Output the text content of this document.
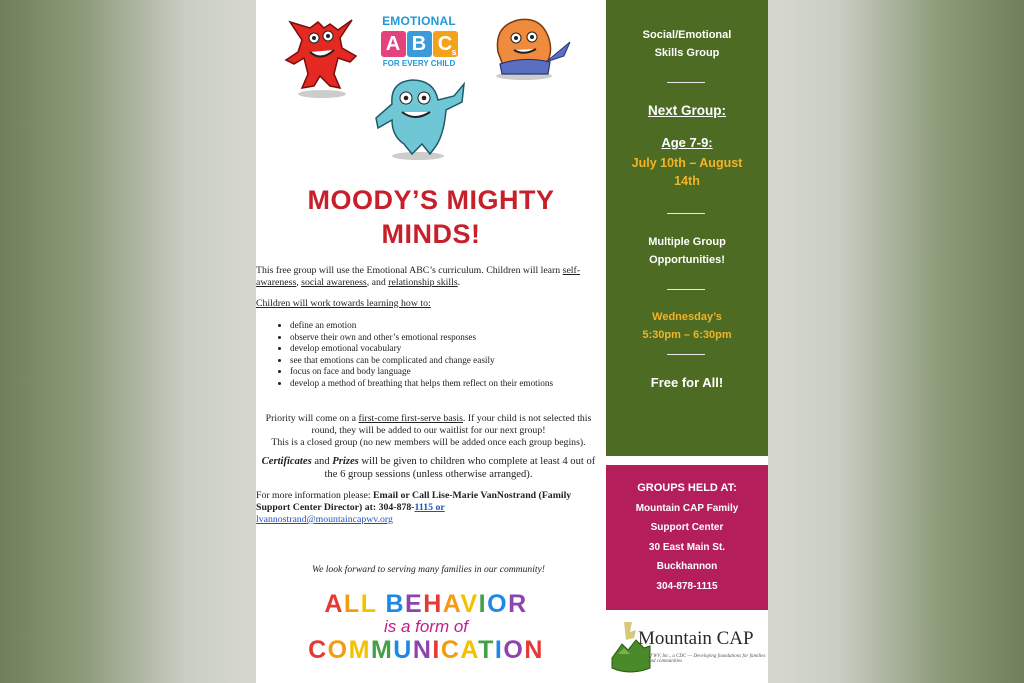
EMOTIONAL
A B C s
FOR EVERY CHILD
MOODY’S MIGHTY
MINDS!

This free group will use the Emotional ABC’s curriculum. Children will learn self-awareness, social awareness, and relationship skills.

Children will work towards learning how to:

• define an emotion
• observe their own and other’s emotional responses
• develop emotional vocabulary
• see that emotions can be complicated and change easily
• focus on face and body language
• develop a method of breathing that helps them reflect on their emotions

Priority will come on a first-come first-serve basis. If your child is not selected this round, they will be added to our waitlist for our next group!
This is a closed group (no new members will be added once each group begins).

Certificates and Prizes will be given to children who complete at least 4 out of the 6 group sessions (unless otherwise arranged).

For more information please: Email or Call Lise-Marie VanNostrand (Family Support Center Director) at: 304-878-1115 or
lvannostrand@mountaincapwv.org

We look forward to serving many families in our community!
ALL BEHAVIOR
is a form of
COMMUNICATION
Social/Emotional
Skills Group
Next Group:
Age 7-9:
July 10th – August
14th
Multiple Group
Opportunities!
Wednesday’s
5:30pm – 6:30pm
Free for All!
GROUPS HELD AT:
Mountain CAP Family
Support Center
30 East Main St.
Buckhannon
304-878-1115
Mountain CAP
of WV, Inc., a CDC — Developing foundations for families and communities
